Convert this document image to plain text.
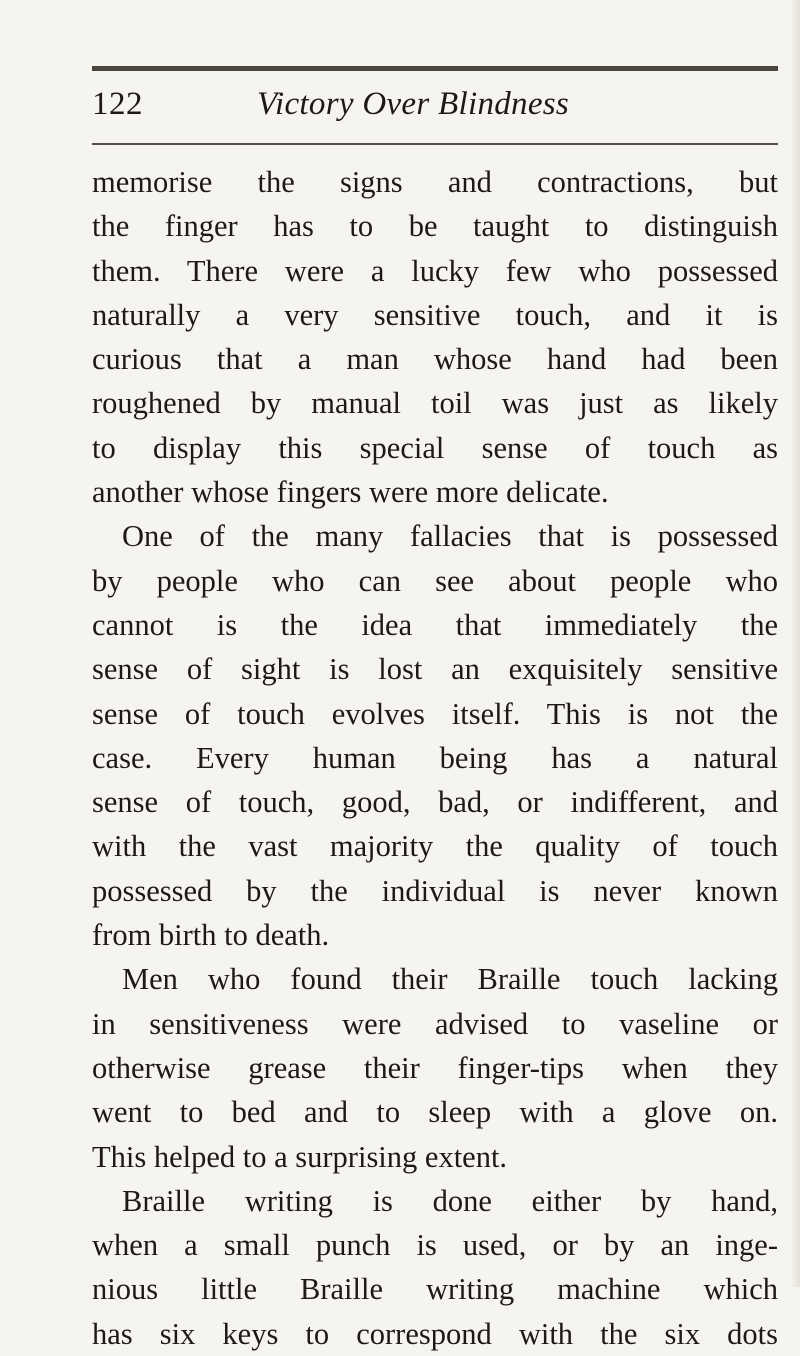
122	Victory Over Blindness
memorise the signs and contractions, but
the finger has to be taught to distinguish
them. There were a lucky few who possessed
naturally a very sensitive touch, and it is
curious that a man whose hand had been
roughened by manual toil was just as likely
to display this special sense of touch as
another whose fingers were more delicate.
One of the many fallacies that is possessed
by people who can see about people who
cannot is the idea that immediately the
sense of sight is lost an exquisitely sensitive
sense of touch evolves itself. This is not the
case. Every human being has a natural
sense of touch, good, bad, or indifferent, and
with the vast majority the quality of touch
possessed by the individual is never known
from birth to death.
Men who found their Braille touch lacking
in sensitiveness were advised to vaseline or
otherwise grease their finger-tips when they
went to bed and to sleep with a glove on.
This helped to a surprising extent.
Braille writing is done either by hand,
when a small punch is used, or by an inge-
nious little Braille writing machine which
has six keys to correspond with the six dots
